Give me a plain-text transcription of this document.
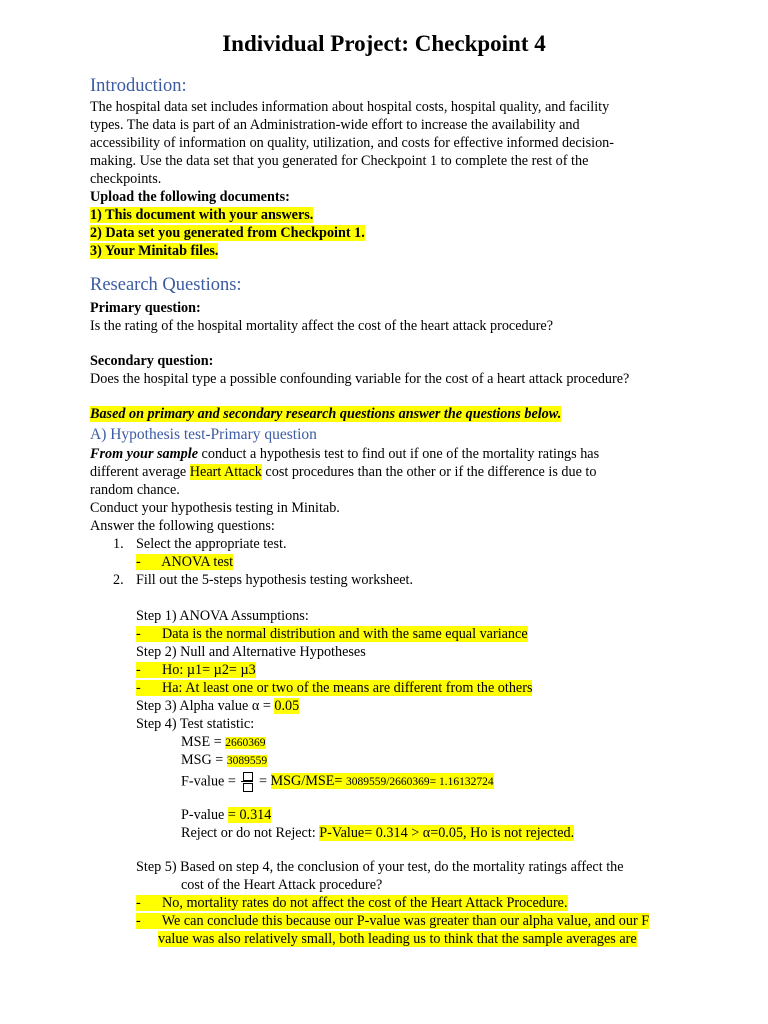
Individual Project: Checkpoint 4
Introduction:
The hospital data set includes information about hospital costs, hospital quality, and facility
types. The data is part of an Administration-wide effort to increase the availability and
accessibility of information on quality, utilization, and costs for effective informed decision-
making. Use the data set that you generated for Checkpoint 1 to complete the rest of the
checkpoints.
Upload the following documents:
1) This document with your answers.
2) Data set you generated from Checkpoint 1.
3) Your Minitab files.
Research Questions:
Primary question:
Is the rating of the hospital mortality affect the cost of the heart attack procedure?
Secondary question:
Does the hospital type a possible confounding variable for the cost of a heart attack procedure?
Based on primary and secondary research questions answer the questions below.
A) Hypothesis test-Primary question
From your sample conduct a hypothesis test to find out if one of the mortality ratings has
different average Heart Attack cost procedures than the other or if the difference is due to
random chance.
Conduct your hypothesis testing in Minitab.
Answer the following questions:
1. Select the appropriate test.
-      ANOVA test
2. Fill out the 5-steps hypothesis testing worksheet.
Step 1) ANOVA Assumptions:
-      Data is the normal distribution and with the same equal variance
Step 2) Null and Alternative Hypotheses
-      Ho: µ1= µ2= µ3
-      Ha: At least one or two of the means are different from the others
Step 3) Alpha value α = 0.05
Step 4) Test statistic:
MSE = 2660369
MSG = 3089559
F-value =
= MSG/MSE= 3089559/2660369= 1.16132724
P-value = 0.314
Reject or do not Reject: P-Value= 0.314 > α=0.05, Ho is not rejected.
Step 5) Based on step 4, the conclusion of your test, do the mortality ratings affect the
cost of the Heart Attack procedure?
-      No, mortality rates do not affect the cost of the Heart Attack Procedure.
-      We can conclude this because our P-value was greater than our alpha value, and our F
value was also relatively small, both leading us to think that the sample averages are
